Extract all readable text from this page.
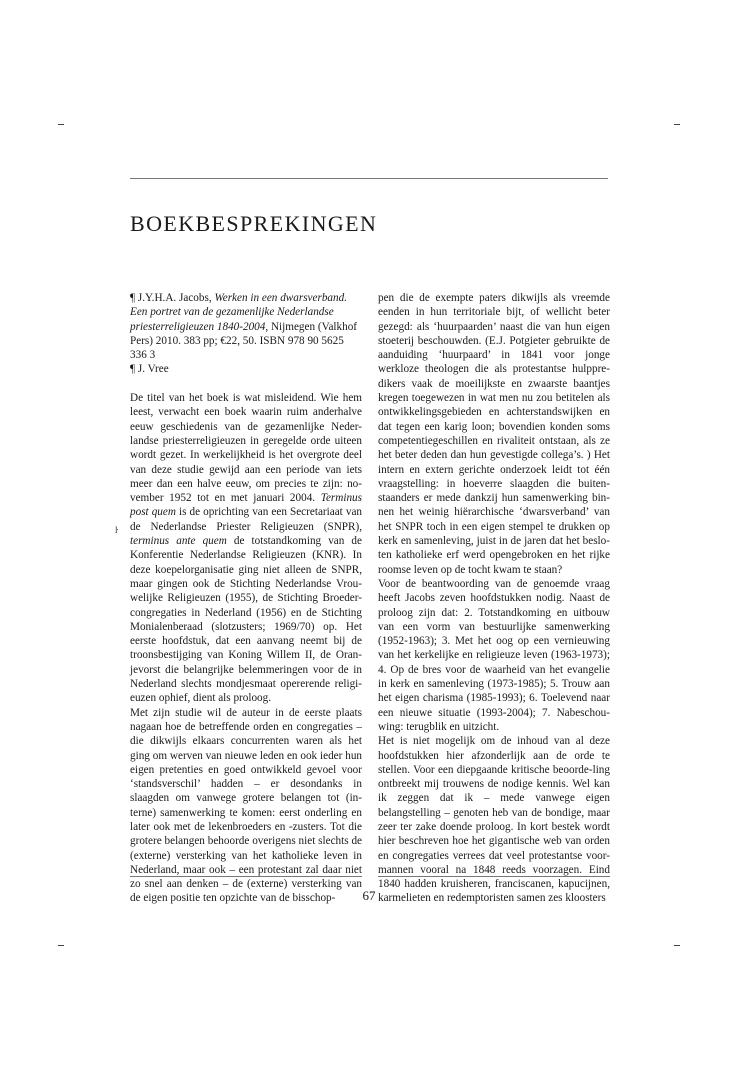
ŀ
BOEKBESPREKINGEN

¶ J.Y.H.A. Jacobs, Werken in een dwarsverband.
Een portret van de gezamenlijke Nederlandse
priesterreligieuzen 1840-2004, Nijmegen (Valkhof
Pers) 2010. 383 pp; €22, 50. ISBN 978 90 5625
336 3
¶ J. Vree

De titel van het boek is wat misleidend. Wie hem leest, verwacht een boek waarin ruim anderhalve eeuw geschiedenis van de gezamenlijke Neder- landse priesterreligieuzen in geregelde orde uiteen wordt gezet. In werkelijkheid is het overgrote deel van deze studie gewijd aan een periode van iets meer dan een halve eeuw, om precies te zijn: no-vember 1952 tot en met januari 2004. Terminus post quem is de oprichting van een Secretariaat van de Nederlandse Priester Religieuzen (SNPR), terminus ante quem de totstandkoming van de Konferentie Nederlandse Religieuzen (KNR). In deze koepelorganisatie ging niet alleen de SNPR, maar gingen ook de Stichting Nederlandse Vrou-welijke Religieuzen (1955), de Stichting Broeder-congregaties in Nederland (1956) en de Stichting Monialenberaad (slotzusters; 1969/70) op. Het eerste hoofdstuk, dat een aanvang neemt bij de troonsbestijging van Koning Willem II, de Oran-jevorst die belangrijke belemmeringen voor de in Nederland slechts mondjesmaat opererende religi-euzen ophief, dient als proloog.

Met zijn studie wil de auteur in de eerste plaats nagaan hoe de betreffende orden en congregaties – die dikwijls elkaars concurrenten waren als het ging om werven van nieuwe leden en ook ieder hun eigen pretenties en goed ontwikkeld gevoel voor ‘standsverschil’ hadden – er desondanks in slaagden om vanwege grotere belangen tot (in-terne) samenwerking te komen: eerst onderling en later ook met de lekenbroeders en -zusters. Tot die grotere belangen behoorde overigens niet slechts de (externe) versterking van het katholieke leven in Nederland, maar ook – een protestant zal daar niet zo snel aan denken – de (externe) versterking van de eigen positie ten opzichte van de bisschop-

pen die de exempte paters dikwijls als vreemde eenden in hun territoriale bijt, of wellicht beter gezegd: als ‘huurpaarden’ naast die van hun eigen stoeterij beschouwden. (E.J. Potgieter gebruikte de aanduiding ‘huurpaard’ in 1841 voor jonge werkloze theologen die als protestantse hulppre-dikers vaak de moeilijkste en zwaarste baantjes kregen toegewezen in wat men nu zou betitelen als ontwikkelingsgebieden en achterstandswijken en dat tegen een karig loon; bovendien konden soms competentiegeschillen en rivaliteit ontstaan, als ze het beter deden dan hun gevestigde collega’s. ) Het intern en extern gerichte onderzoek leidt tot één vraagstelling: in hoeverre slaagden die buiten-staanders er mede dankzij hun samenwerking bin-nen het weinig hiërarchische ‘dwarsverband’ van het SNPR toch in een eigen stempel te drukken op kerk en samenleving, juist in de jaren dat het beslo-ten katholieke erf werd opengebroken en het rijke roomse leven op de tocht kwam te staan?

Voor de beantwoording van de genoemde vraag heeft Jacobs zeven hoofdstukken nodig. Naast de proloog zijn dat: 2. Totstandkoming en uitbouw van een vorm van bestuurlijke samenwerking (1952-1963); 3. Met het oog op een vernieuwing van het kerkelijke en religieuze leven (1963-1973); 4. Op de bres voor de waarheid van het evangelie in kerk en samenleving (1973-1985); 5. Trouw aan het eigen charisma (1985-1993); 6. Toelevend naar een nieuwe situatie (1993-2004); 7. Nabeschou-wing: terugblik en uitzicht.

Het is niet mogelijk om de inhoud van al deze hoofdstukken hier afzonderlijk aan de orde te stellen. Voor een diepgaande kritische beoorde-ling ontbreekt mij trouwens de nodige kennis. Wel kan ik zeggen dat ik – mede vanwege eigen belangstelling – genoten heb van de bondige, maar zeer ter zake doende proloog. In kort bestek wordt hier beschreven hoe het gigantische web van orden en congregaties verrees dat veel protestantse voor-mannen vooral na 1848 reeds voorzagen. Eind 1840 hadden kruisheren, franciscanen, kapucijnen, karmelieten en redemptoristen samen zes kloosters

67
